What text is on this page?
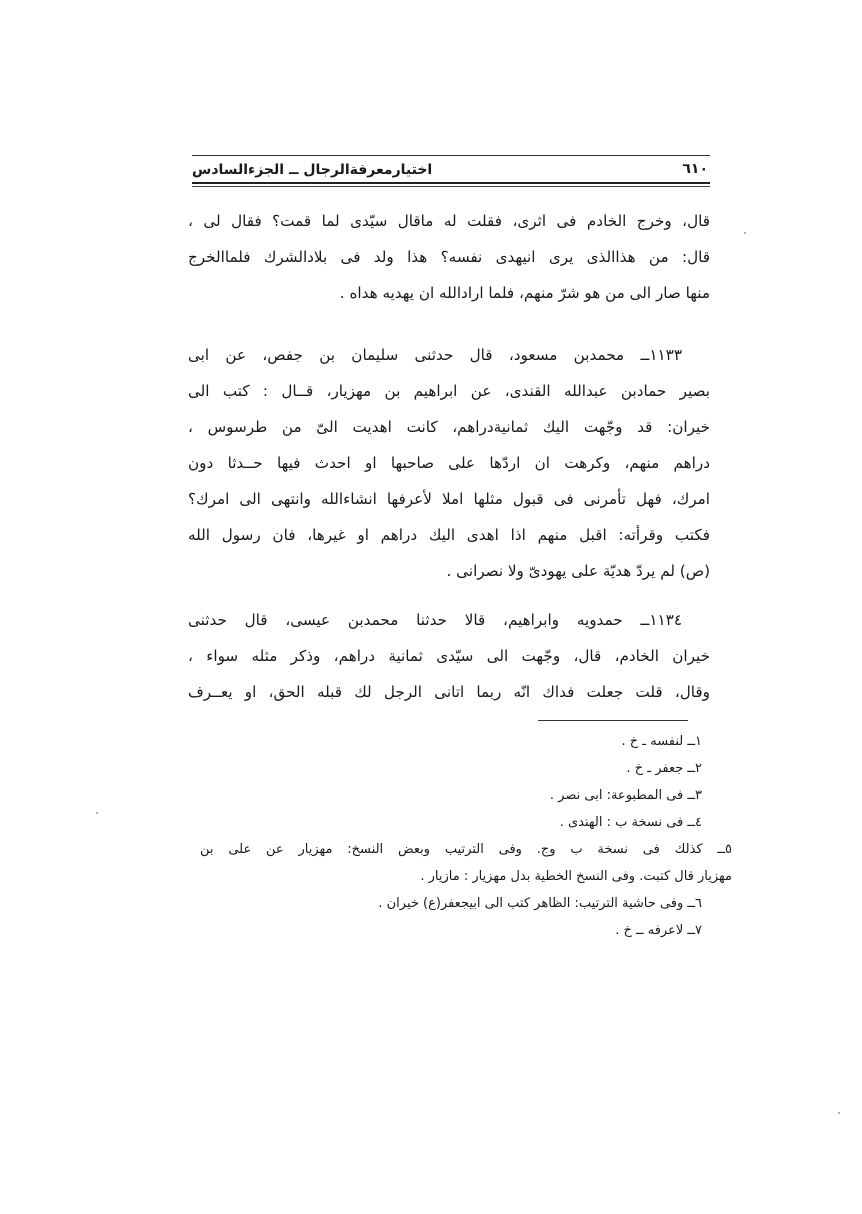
اختيارمعرفةالرجال ــ الجزءالسادس	٦١٠
قال، وخرج الخادم فى اثرى، فقلت له ماقال سيّدى لما قمت؟ فقال لى ،
قال: من هذاالذى يرى انيهدى نفسه؟ هذا ولد فى بلادالشرك فلماالخرج
منها صار الى من هو شرّ منهم، فلما ارادالله ان يهديه هداه .
١١٣٣ــ محمدبن مسعود، قال حدثنى سليمان بن جفص، عن ابى
بصير حمادبن عبدالله القندى، عن ابراهيم بن مهزيار، قــال : كتب الى
خيران: قد وجّهت اليك ثمانيةدراهم، كانت اهديت الىّ من طرسوس ،
دراهم منهم، وكرهت ان اردّها على صاحبها او احدث فيها حــدثا دون
امرك، فهل تأمرنى فى قبول مثلها املا لأعرفها انشاءالله وانتهى الى امرك؟
فكتب وقرأته: اقبل منهم اذا اهدى اليك دراهم او غيرها، فان رسول الله
(ص) لم يردّ هديّة على يهودىّ ولا نصرانى .
١١٣٤ــ حمدويه وابراهيم، قالا حدثنا محمدبن عيسى، قال حدثنى
خيران الخادم، قال، وجّهت الى سيّدى ثمانية دراهم، وذكر مثله سواء ،
وقال، قلت جعلت فداك انّه ربما اتانى الرجل لك قبله الحق، او يعــرف
١ــ لنفسه ـ خ .
٢ــ جعفر ـ خ .
٣ــ فى المطبوعة: ابى نصر .
٤ــ فى نسخة ب : الهندى .
٥ــ كذلك فى نسخة ب وج. وفى الترتيب وبعض النسخ: مهزيار عن على بن
مهزيار قال كتبت. وفى النسخ الخطية بدل مهزيار : مازيار .
٦ــ وفى حاشية الترتيب: الظاهر كتب الى ابيجعفر(ع) خيران .
٧ــ لاعرفه ــ خ .
